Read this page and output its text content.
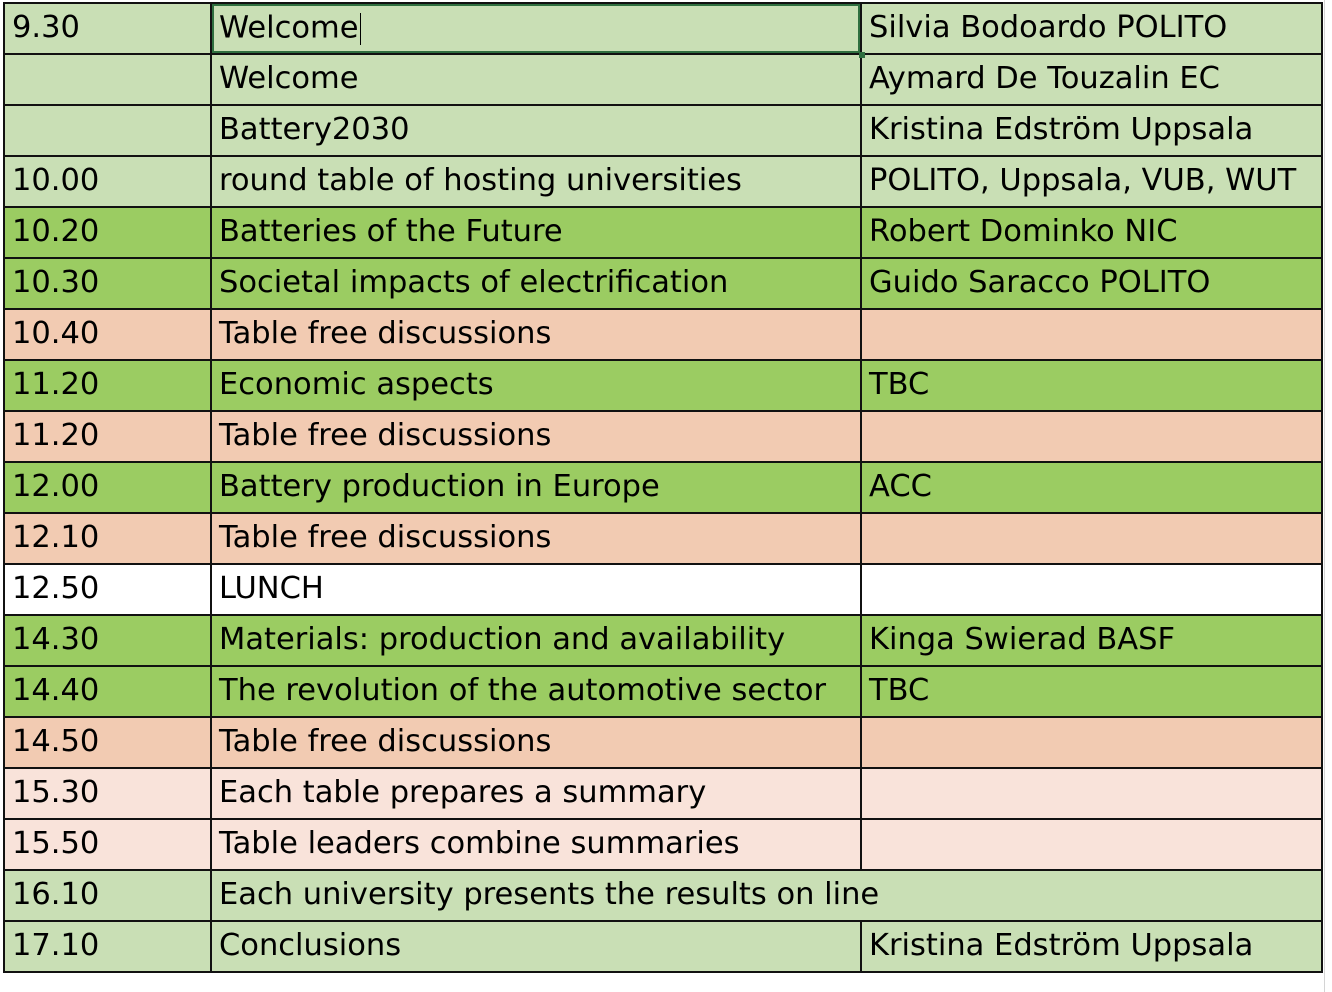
9.30	Welcome	Silvia Bodoardo POLITO
	Welcome	Aymard De Touzalin EC
	Battery2030	Kristina Edström Uppsala
10.00	round table of hosting universities	POLITO, Uppsala, VUB, WUT
10.20	Batteries of the Future	Robert Dominko NIC
10.30	Societal impacts of electrification	Guido Saracco POLITO
10.40	Table free discussions	
11.20	Economic aspects	TBC
11.20	Table free discussions	
12.00	Battery production in Europe	ACC
12.10	Table free discussions	
12.50	LUNCH	
14.30	Materials: production and availability	Kinga Swierad BASF
14.40	The revolution of the automotive sector	TBC
14.50	Table free discussions	
15.30	Each table prepares a summary	
15.50	Table leaders combine summaries	
16.10	Each university presents the results on line	
17.10	Conclusions	Kristina Edström Uppsala
